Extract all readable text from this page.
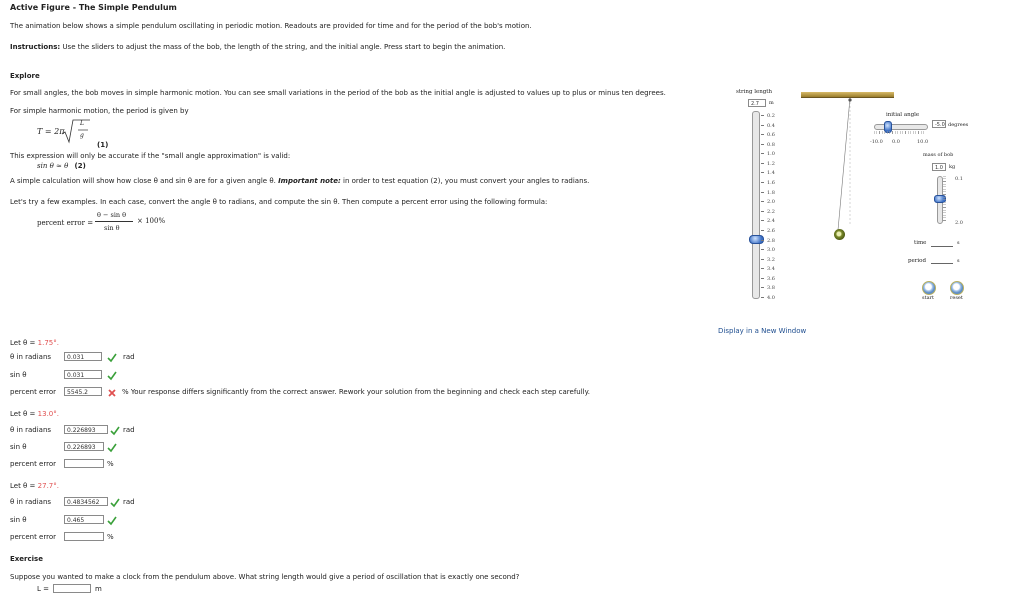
Active Figure - The Simple Pendulum
The animation below shows a simple pendulum oscillating in periodic motion. Readouts are provided for time and for the period of the bob's motion.
Instructions: Use the sliders to adjust the mass of the bob, the length of the string, and the initial angle. Press start to begin the animation.
Explore
For small angles, the bob moves in simple harmonic motion. You can see small variations in the period of the bob as the initial angle is adjusted to values up to plus or minus ten degrees.
For simple harmonic motion, the period is given by
T = 2π
L
g
(1)
This expression will only be accurate if the "small angle approximation" is valid:
sin θ ≈ θ (2)
A simple calculation will show how close θ and sin θ are for a given angle θ. Important note: in order to test equation (2), you must convert your angles to radians.
Let's try a few examples. In each case, convert the angle θ to radians, and compute the sin θ. Then compute a percent error using the following formula:
percent error =
θ − sin θ
sin θ
× 100%
Let θ = 1.75°.
θ in radians	0.031	rad
sin θ	0.031
percent error	5545.2	% Your response differs significantly from the correct answer. Rework your solution from the beginning and check each step carefully.
Let θ = 13.0°.
θ in radians	0.226893	rad
sin θ	0.226893
percent error	%
Let θ = 27.7°.
θ in radians	0.4834562	rad
sin θ	0.465
percent error	%
Exercise
Suppose you wanted to make a clock from the pendulum above. What string length would give a period of oscillation that is exactly one second?
L =	m
string length
2.7	m
0.2
0.4
0.6
0.8
1.0
1.2
1.4
1.6
1.8
2.0
2.2
2.4
2.6
2.8
3.0
3.2
3.4
3.6
3.8
4.0
initial angle
-10.0 0.0	10.0
-5.0 degrees
mass of bob
1.0	kg
0.1
2.0
time	s
period	s
start	reset
Display in a New Window
